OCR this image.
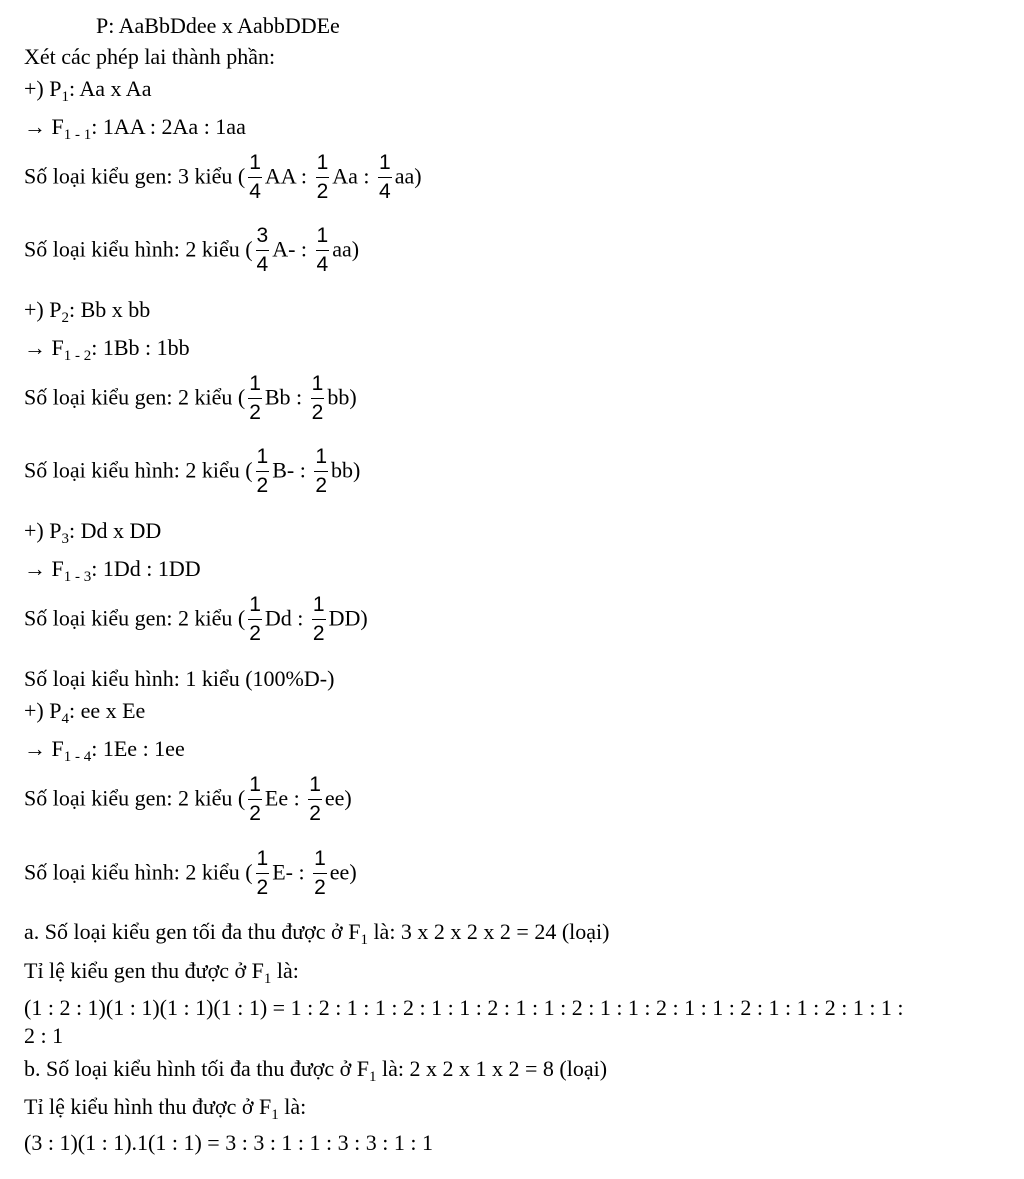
P: AaBbDdee x AabbDDEe
Xét các phép lai thành phần:
+) $P_1$: Aa x Aa
→ $F_{1 - 1}$: 1AA : 2Aa : 1aa
Số loại kiểu gen: 3 kiểu ( $\frac{1}{4}$ AA : $\frac{1}{2}$ Aa : $\frac{1}{4} aa$)
Số loại kiểu hình: 2 kiểu ( $\frac{3}{4} A-$ : $\frac{1}{4} aa$)
+) $P_2$: Bb x bb
→ $F_{1 - 2}$: 1Bb : 1bb
Số loại kiểu gen: 2 kiểu ( $\frac{1}{2}$ Bb : $\frac{1}{2} bb$)
Số loại kiểu hình: 2 kiểu ( $\frac{1}{2} B-$ : $\frac{1}{2} bb$)
+) $P_3$: Dd x DD
→ $F_{1 - 3}$: 1Dd : 1DD
Số loại kiểu gen: 2 kiểu ( $\frac{1}{2}$ Dd : $\frac{1}{2} DD$)
Số loại kiểu hình: 1 kiểu (100%D-)
+) $P_4$: ee x Ee
→ $F_{1 - 4}$: 1Ee : 1ee
Số loại kiểu gen: 2 kiểu ( $\frac{1}{2}$ Ee : $\frac{1}{2} ee$)
Số loại kiểu hình: 2 kiểu ( $\frac{1}{2} E-$ : $\frac{1}{2} ee$)
a. Số loại kiểu gen tối đa thu được ở $F_1$ là: 3 x 2 x 2 x 2 = 24 (loại)
Tỉ lệ kiểu gen thu được ở $F_1$ là:
(1 : 2 : 1)(1 : 1)(1 : 1)(1 : 1) = 1 : 2 : 1 : 1 : 2 : 1 : 1 : 2 : 1 : 1 : 2 : 1 : 1 : 2 : 1 : 1 : 2 : 1 : 1 : 2 : 1 : 1 :
2 : 1
b. Số loại kiểu hình tối đa thu được ở $F_1$ là: 2 x 2 x 1 x 2 = 8 (loại)
Tỉ lệ kiểu hình thu được ở $F_1$ là:
(3 : 1)(1 : 1).1(1 : 1) = 3 : 3 : 1 : 1 : 3 : 3 : 1 : 1
